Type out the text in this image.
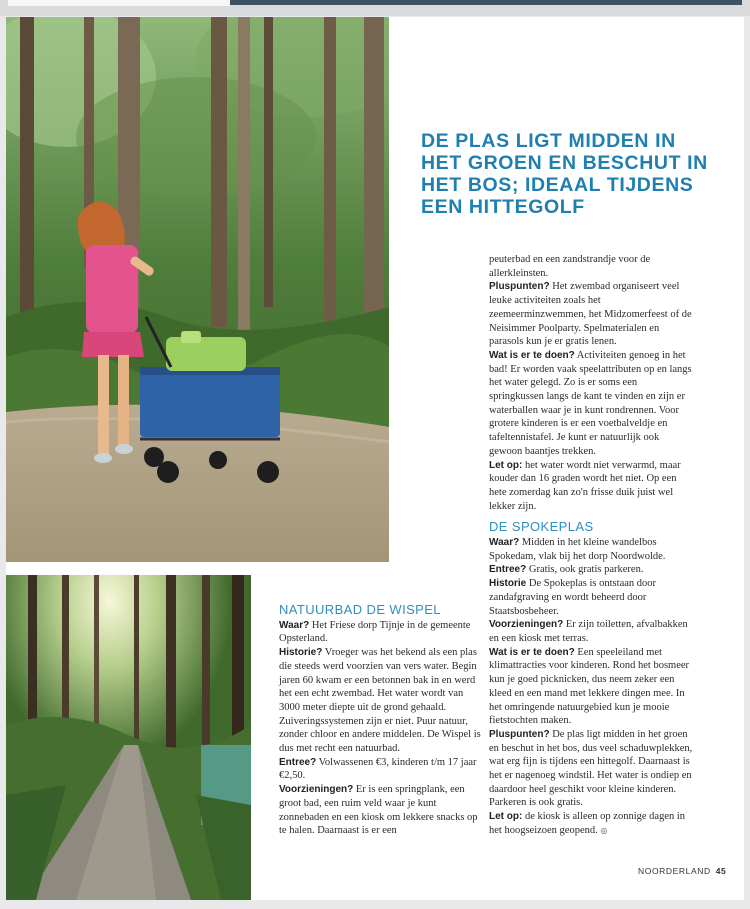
DE PLAS LIGT MIDDEN IN HET GROEN EN BESCHUT IN HET BOS; IDEAAL TIJDENS EEN HITTEGOLF
NATUURBAD DE WISPEL

Waar? Het Friese dorp Tijnje in de gemeente Opsterland.

Historie? Vroeger was het bekend als een plas die steeds werd voorzien van vers water. Begin jaren 60 kwam er een betonnen bak in en werd het een echt zwembad. Het water wordt van 3000 meter diepte uit de grond gehaald. Zuiveringssystemen zijn er niet. Puur natuur, zonder chloor en andere middelen. De Wispel is dus met recht een natuurbad.

Entree? Volwassenen €3, kinderen t/m 17 jaar €2,50.

Voorzieningen? Er is een springplank, een groot bad, een ruim veld waar je kunt zonnebaden en een kiosk om lekkere snacks op te halen. Daarnaast is er een

peuterbad en een zandstrandje voor de allerkleinsten.

Pluspunten? Het zwembad organiseert veel leuke activiteiten zoals het zeemeerminzwemmen, het Midzomerfeest of de Neisimmer Poolparty. Spelmaterialen en parasols kun je er gratis lenen.

Wat is er te doen? Activiteiten genoeg in het bad! Er worden vaak speelattributen op en langs het water gelegd. Zo is er soms een springkussen langs de kant te vinden en zijn er waterballen waar je in kunt rondrennen. Voor grotere kinderen is er een voetbalveldje en tafeltennistafel. Je kunt er natuurlijk ook gewoon baantjes trekken.

Let op: het water wordt niet verwarmd, maar kouder dan 16 graden wordt het niet. Op een hete zomerdag kan zo'n frisse duik juist wel lekker zijn.

DE SPOKEPLAS

Waar? Midden in het kleine wandelbos Spokedam, vlak bij het dorp Noordwolde.

Entree? Gratis, ook gratis parkeren.

Historie De Spokeplas is ontstaan door zandafgraving en wordt beheerd door Staatsbosbeheer.

Voorzieningen? Er zijn toiletten, afvalbakken en een kiosk met terras.

Wat is er te doen? Een speeleiland met klimattracties voor kinderen. Rond het bosmeer kun je goed picknicken, dus neem zeker een kleed en een mand met lekkere dingen mee. In het omringende natuurgebied kun je mooie fietstochten maken.

Pluspunten? De plas ligt midden in het groen en beschut in het bos, dus veel schaduwplekken, wat erg fijn is tijdens een hittegolf. Daarnaast is het er nagenoeg windstil. Het water is ondiep en daardoor heel geschikt voor kleine kinderen. Parkeren is ook gratis.

Let op: de kiosk is alleen op zonnige dagen in het hoogseizoen geopend. ◎

NOORDERLAND 45
